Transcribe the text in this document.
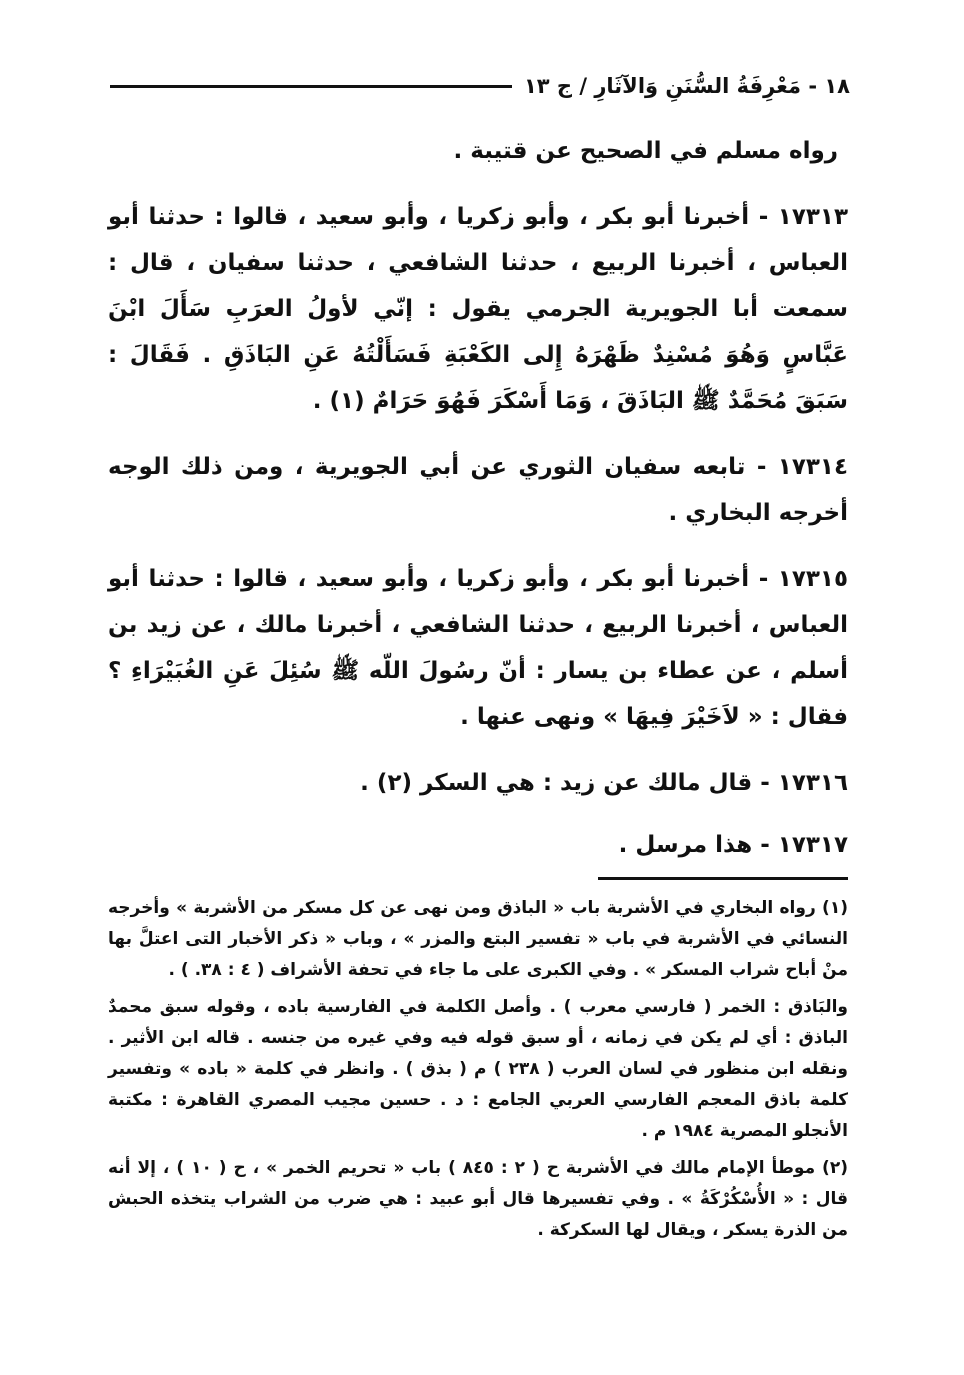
١٨ - مَعْرِفَةُ السُّنَنِ وَالآثَارِ / ج ١٣

رواه مسلم في الصحيح عن قتيبة .

١٧٣١٣ - أخبرنا أبو بكر ، وأبو زكريا ، وأبو سعيد ، قالوا : حدثنا أبو العباس ، أخبرنا الربيع ، حدثنا الشافعي ، حدثنا سفيان ، قال : سمعت أبا الجويرية الجرمي يقول : إنّي لأولُ العرَبِ سَأَلَ ابْنَ عَبَّاسٍ وَهُوَ مُسْنِدٌ ظَهْرَهُ إِلى الكَعْبَةِ فَسَأَلْتُهُ عَنِ البَاذَقِ . فَقَالَ : سَبَقَ مُحَمَّدٌ ﷺ البَاذَقَ ، وَمَا أَسْكَرَ فَهُوَ حَرَامٌ (١) .

١٧٣١٤ - تابعه سفيان الثوري عن أبي الجويرية ، ومن ذلك الوجه أخرجه البخاري .

١٧٣١٥ - أخبرنا أبو بكر ، وأبو زكريا ، وأبو سعيد ، قالوا : حدثنا أبو العباس ، أخبرنا الربيع ، حدثنا الشافعي ، أخبرنا مالك ، عن زيد بن أسلم ، عن عطاء بن يسار : أنّ رسُولَ اللّه ﷺ سُئِلَ عَنِ الغُبَيْرَاءِ ؟ فقال : « لاَخَيْرَ فِيهَا » ونهى عنها .

١٧٣١٦ - قال مالك عن زيد : هي السكر (٢) .

١٧٣١٧ - هذا مرسل .

(١) رواه البخاري في الأشربة باب « الباذق ومن نهى عن كل مسكر من الأشربة » وأخرجه النسائي في الأشربة في باب « تفسير البتع والمزر » ، وباب « ذكر الأخبار التى اعتلَّ بها منْ أباح شراب المسكر » . وفي الكبرى على ما جاء في تحفة الأشراف ( ٤ : ٣٨. ) .

والبَاذق : الخمر ( فارسي معرب ) . وأصل الكلمة في الفارسية باده ، وقوله سبق محمدٌ الباذق : أي لم يكن في زمانه ، أو سبق قوله فيه وفي غيره من جنسه . قاله ابن الأثير . ونقله ابن منظور في لسان العرب ( ٢٣٨ ) م ( بذق ) . وانظر في كلمة « باده » وتفسير كلمة باذق المعجم الفارسي العربي الجامع : د . حسين مجيب المصري القاهرة : مكتبة الأنجلو المصرية ١٩٨٤ م .

(٢) موطأ الإمام مالك في الأشربة ح ( ٢ : ٨٤٥ ) باب « تحريم الخمر » ، ح ( ١٠ ) ، إلا أنه قال : « الأُسْكُرْكَةُ » . وفي تفسيرها قال أبو عبيد : هي ضرب من الشراب يتخذه الحبش من الذرة يسكر ، ويقال لها السكركة .
